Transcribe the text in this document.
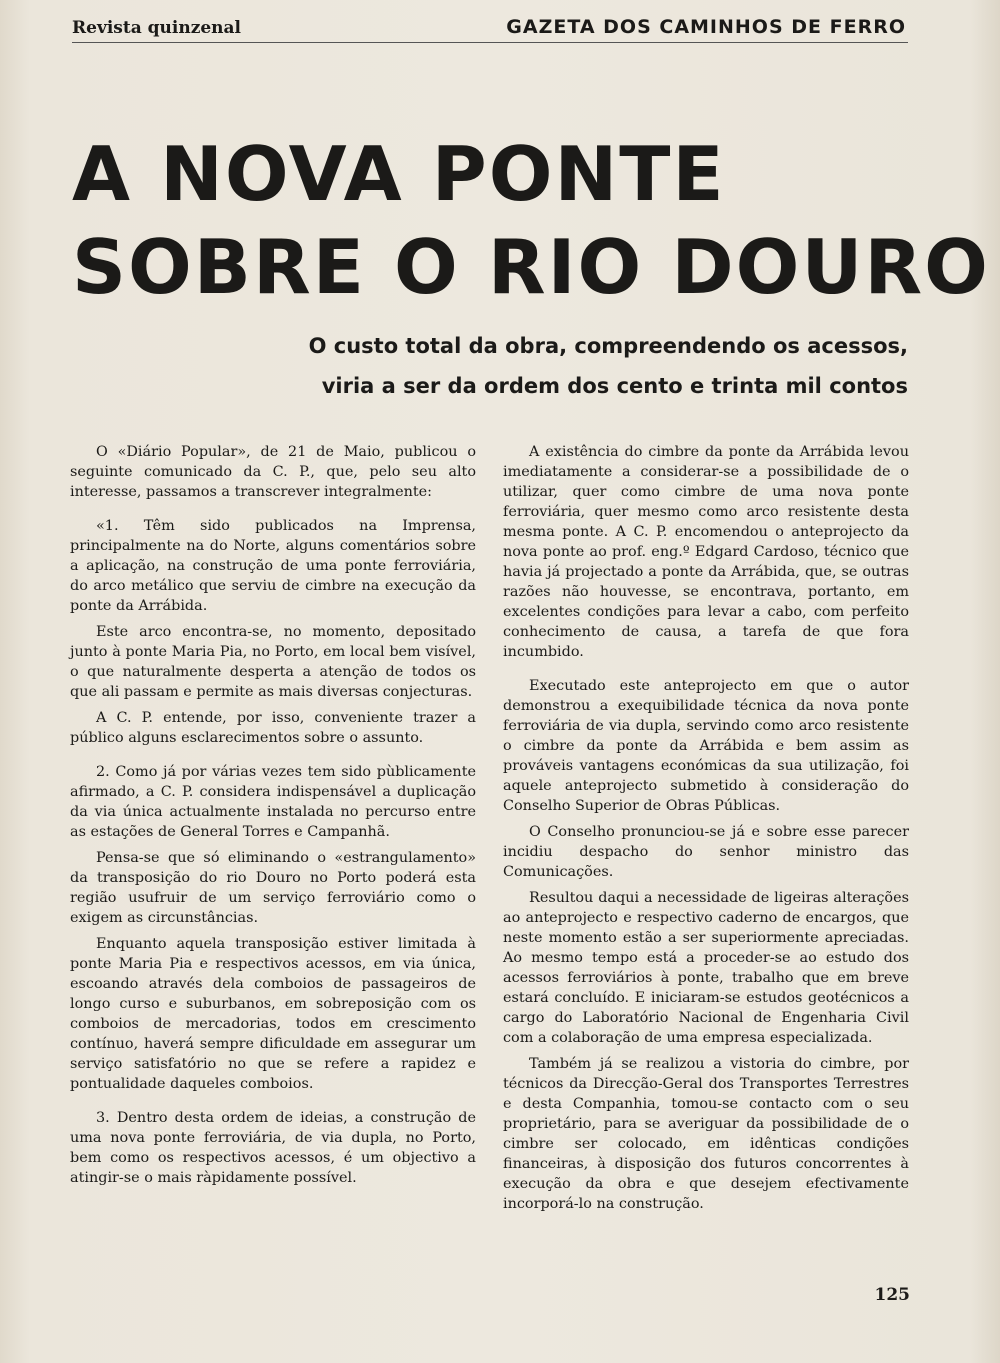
Revista quinzenal	GAZETA DOS CAMINHOS DE FERRO
A NOVA PONTE
SOBRE O RIO DOURO
O custo total da obra, compreendendo os acessos,
viria a ser da ordem dos cento e trinta mil contos

O «Diário Popular», de 21 de Maio, publicou o seguinte comunicado da C. P., que, pelo seu alto interesse, passamos a transcrever integralmente:

«1. Têm sido publicados na Imprensa, principalmente na do Norte, alguns comentários sobre a aplicação, na construção de uma ponte ferroviária, do arco metálico que serviu de cimbre na execução da ponte da Arrábida.

Este arco encontra-se, no momento, depositado junto à ponte Maria Pia, no Porto, em local bem visível, o que naturalmente desperta a atenção de todos os que ali passam e permite as mais diversas conjecturas.

A C. P. entende, por isso, conveniente trazer a público alguns esclarecimentos sobre o assunto.

2. Como já por várias vezes tem sido pùblicamente afirmado, a C. P. considera indispensável a duplicação da via única actualmente instalada no percurso entre as estações de General Torres e Campanhã.

Pensa-se que só eliminando o «estrangulamento» da transposição do rio Douro no Porto poderá esta região usufruir de um serviço ferroviário como o exigem as circunstâncias.

Enquanto aquela transposição estiver limitada à ponte Maria Pia e respectivos acessos, em via única, escoando através dela comboios de passageiros de longo curso e suburbanos, em sobreposição com os comboios de mercadorias, todos em crescimento contínuo, haverá sempre dificuldade em assegurar um serviço satisfatório no que se refere a rapidez e pontualidade daqueles comboios.

3. Dentro desta ordem de ideias, a construção de uma nova ponte ferroviária, de via dupla, no Porto, bem como os respectivos acessos, é um objectivo a atingir-se o mais ràpidamente possível.

A existência do cimbre da ponte da Arrábida levou imediatamente a considerar-se a possibilidade de o utilizar, quer como cimbre de uma nova ponte ferroviária, quer mesmo como arco resistente desta mesma ponte. A C. P. encomendou o anteprojecto da nova ponte ao prof. eng.º Edgard Cardoso, técnico que havia já projectado a ponte da Arrábida, que, se outras razões não houvesse, se encontrava, portanto, em excelentes condições para levar a cabo, com perfeito conhecimento de causa, a tarefa de que fora incumbido.

Executado este anteprojecto em que o autor demonstrou a exequibilidade técnica da nova ponte ferroviária de via dupla, servindo como arco resistente o cimbre da ponte da Arrábida e bem assim as prováveis vantagens económicas da sua utilização, foi aquele anteprojecto submetido à consideração do Conselho Superior de Obras Públicas.

O Conselho pronunciou-se já e sobre esse parecer incidiu despacho do senhor ministro das Comunicações.

Resultou daqui a necessidade de ligeiras alterações ao anteprojecto e respectivo caderno de encargos, que neste momento estão a ser superiormente apreciadas. Ao mesmo tempo está a proceder-se ao estudo dos acessos ferroviários à ponte, trabalho que em breve estará concluído. E iniciaram-se estudos geotécnicos a cargo do Laboratório Nacional de Engenharia Civil com a colaboração de uma empresa especializada.

Também já se realizou a vistoria do cimbre, por técnicos da Direcção-Geral dos Transportes Terrestres e desta Companhia, tomou-se contacto com o seu proprietário, para se averiguar da possibilidade de o cimbre ser colocado, em idênticas condições financeiras, à disposição dos futuros concorrentes à execução da obra e que desejem efectivamente incorporá-lo na construção.

125
